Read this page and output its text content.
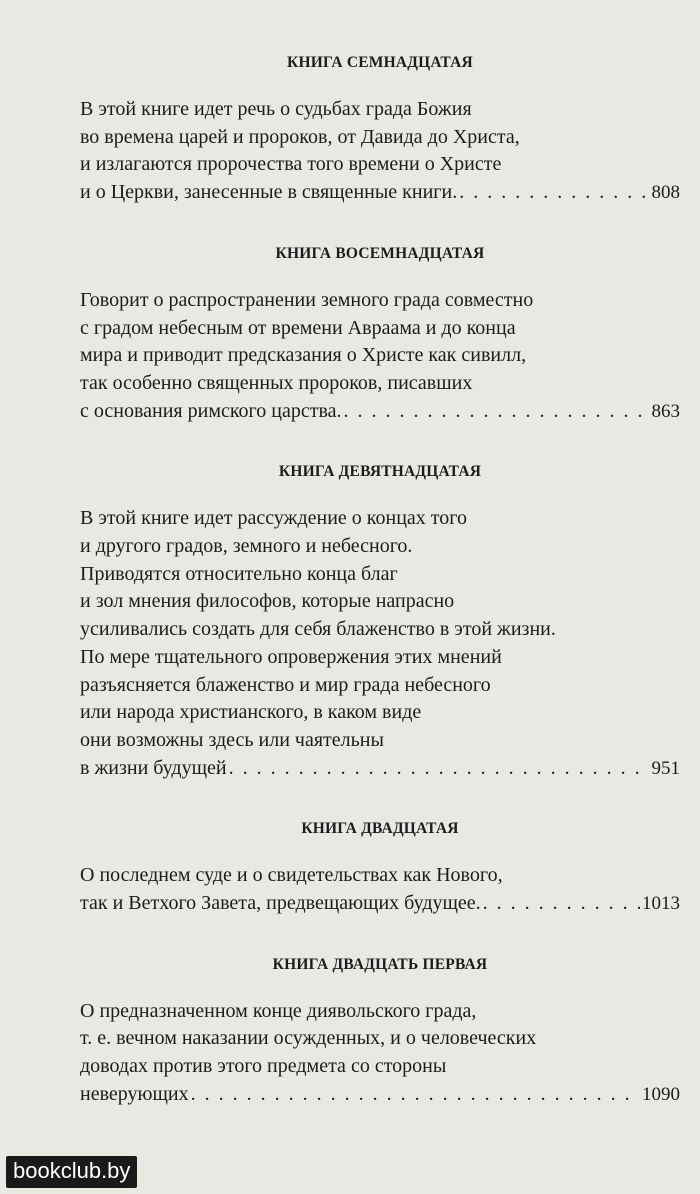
КНИГА СЕМНАДЦАТАЯ
В этой книге идет речь о судьбах града Божия
во времена царей и пророков, от Давида до Христа,
и излагаются пророчества того времени о Христе
и о Церкви, занесенные в священные книги. . . .	808
КНИГА ВОСЕМНАДЦАТАЯ
Говорит о распространении земного града совместно
с градом небесным от времени Авраама и до конца
мира и приводит предсказания о Христе как сивилл,
так особенно священных пророков, писавших
с основания римского царства. . . .	863
КНИГА ДЕВЯТНАДЦАТАЯ
В этой книге идет рассуждение о концах того
и другого градов, земного и небесного.
Приводятся относительно конца благ
и зол мнения философов, которые напрасно
усиливались создать для себя блаженство в этой жизни.
По мере тщательного опровержения этих мнений
разъясняется блаженство и мир града небесного
или народа христианского, в каком виде
они возможны здесь или чаятельны
в жизни будущей . . .	951
КНИГА ДВАДЦАТАЯ
О последнем суде и о свидетельствах как Нового,
так и Ветхого Завета, предвещающих будущее. . . .	1013
КНИГА ДВАДЦАТЬ ПЕРВАЯ
О предназначенном конце диявольского града,
т. е. вечном наказании осужденных, и о человеческих
доводах против этого предмета со стороны
неверующих . . .	1090
bookclub.by
